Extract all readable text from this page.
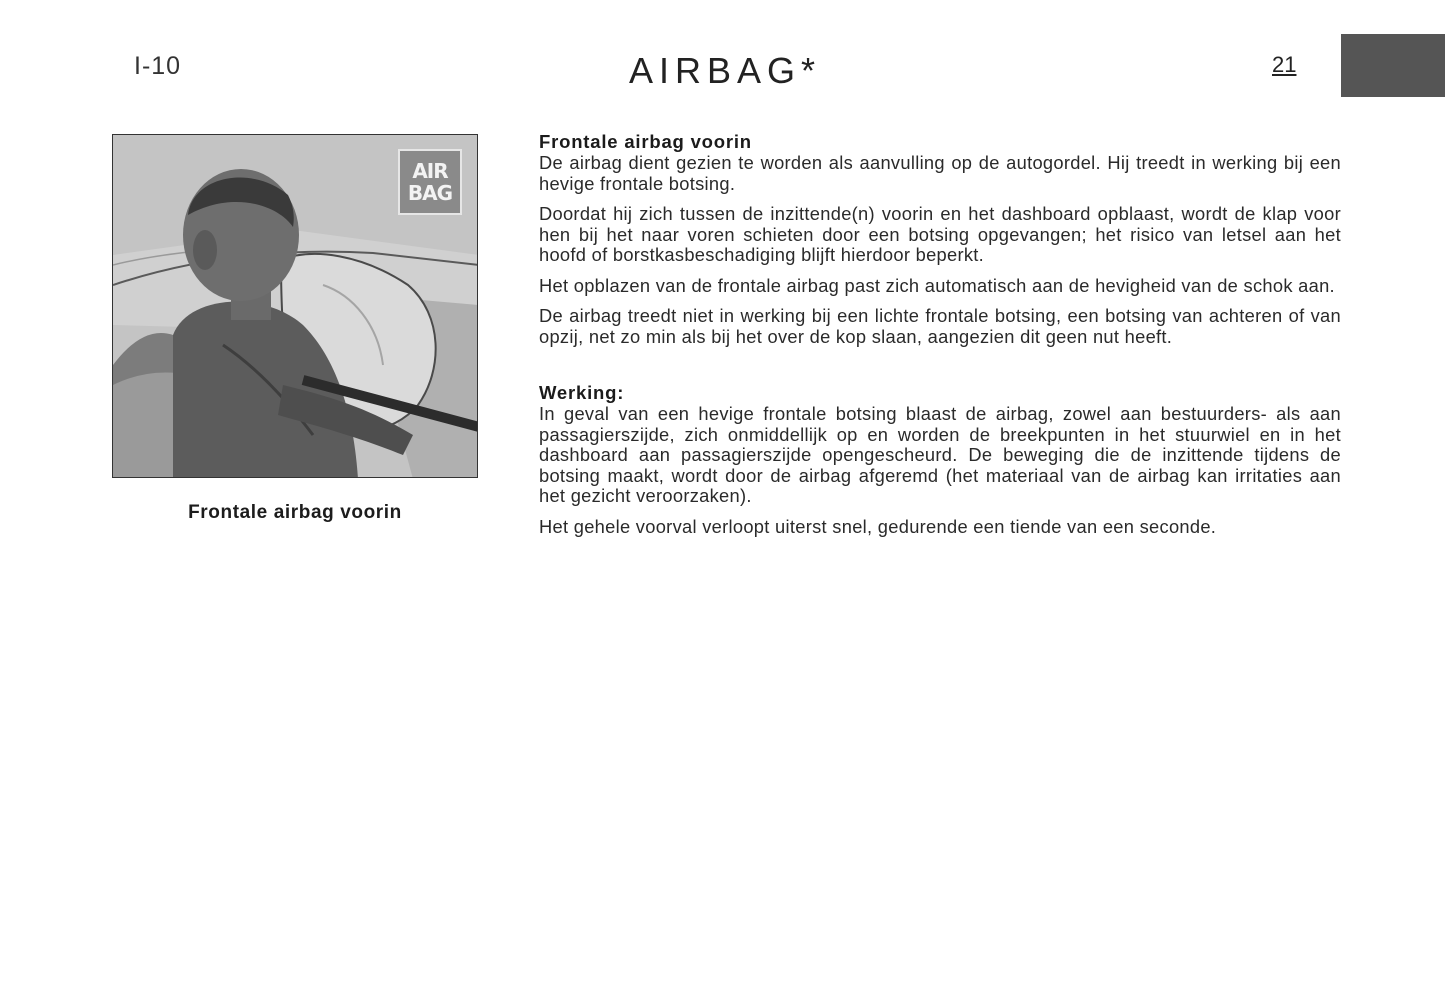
I-10	AIRBAG*	21
AIR
BAG
Frontale airbag voorin
Frontale airbag voorin

De airbag dient gezien te worden als aanvulling op de autogordel. Hij treedt in werking bij een hevige frontale botsing.

Doordat hij zich tussen de inzittende(n) voorin en het dashboard opblaast, wordt de klap voor hen bij het naar voren schieten door een botsing opgevangen; het risico van letsel aan het hoofd of borstkasbeschadiging blijft hierdoor beperkt.

Het opblazen van de frontale airbag past zich automatisch aan de hevigheid van de schok aan.

De airbag treedt niet in werking bij een lichte frontale botsing, een botsing van achteren of van opzij, net zo min als bij het over de kop slaan, aangezien dit geen nut heeft.

Werking:

In geval van een hevige frontale botsing blaast de airbag, zowel aan bestuurders- als aan passagierszijde, zich onmiddellijk op en worden de breekpunten in het stuurwiel en in het dashboard aan passagierszijde opengescheurd. De beweging die de inzittende tijdens de botsing maakt, wordt door de airbag afgeremd (het materiaal van de airbag kan irritaties aan het gezicht veroorzaken).

Het gehele voorval verloopt uiterst snel, gedurende een tiende van een seconde.
